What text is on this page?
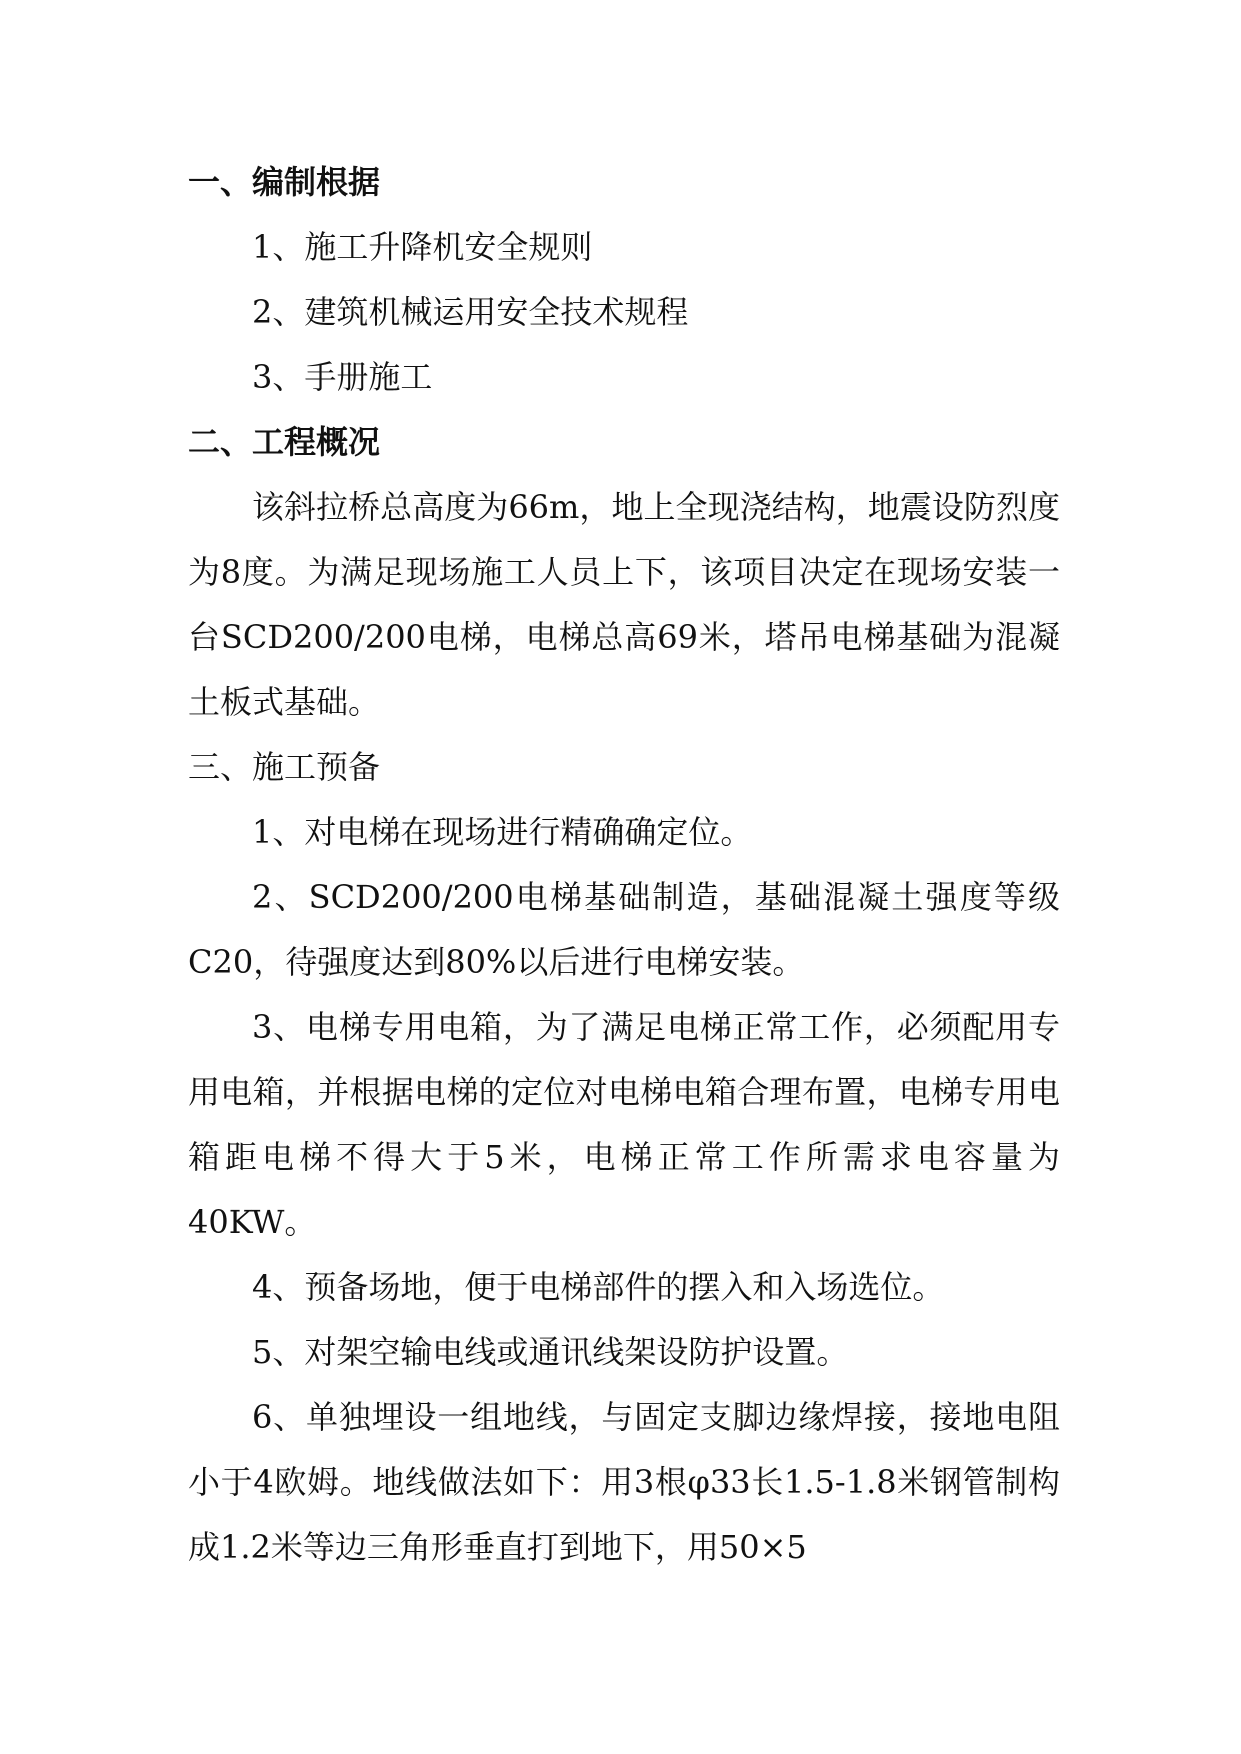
一、编制根据

1、施工升降机安全规则

2、建筑机械运用安全技术规程

3、手册施工

二、工程概况

该斜拉桥总高度为66m，地上全现浇结构，地震设防烈度为8度。为满足现场施工人员上下，该项目决定在现场安装一台SCD200/200电梯，电梯总高69米，塔吊电梯基础为混凝土板式基础。

三、施工预备

1、对电梯在现场进行精确确定位。

2、SCD200/200电梯基础制造，基础混凝土强度等级C20，待强度达到80%以后进行电梯安装。

3、电梯专用电箱，为了满足电梯正常工作，必须配用专用电箱，并根据电梯的定位对电梯电箱合理布置，电梯专用电箱距电梯不得大于5米，电梯正常工作所需求电容量为40KW。

4、预备场地，便于电梯部件的摆入和入场选位。

5、对架空输电线或通讯线架设防护设置。

6、单独埋设一组地线，与固定支脚边缘焊接，接地电阻小于4欧姆。地线做法如下：用3根φ33长1.5-1.8米钢管制构成1.2米等边三角形垂直打到地下，用50×5
